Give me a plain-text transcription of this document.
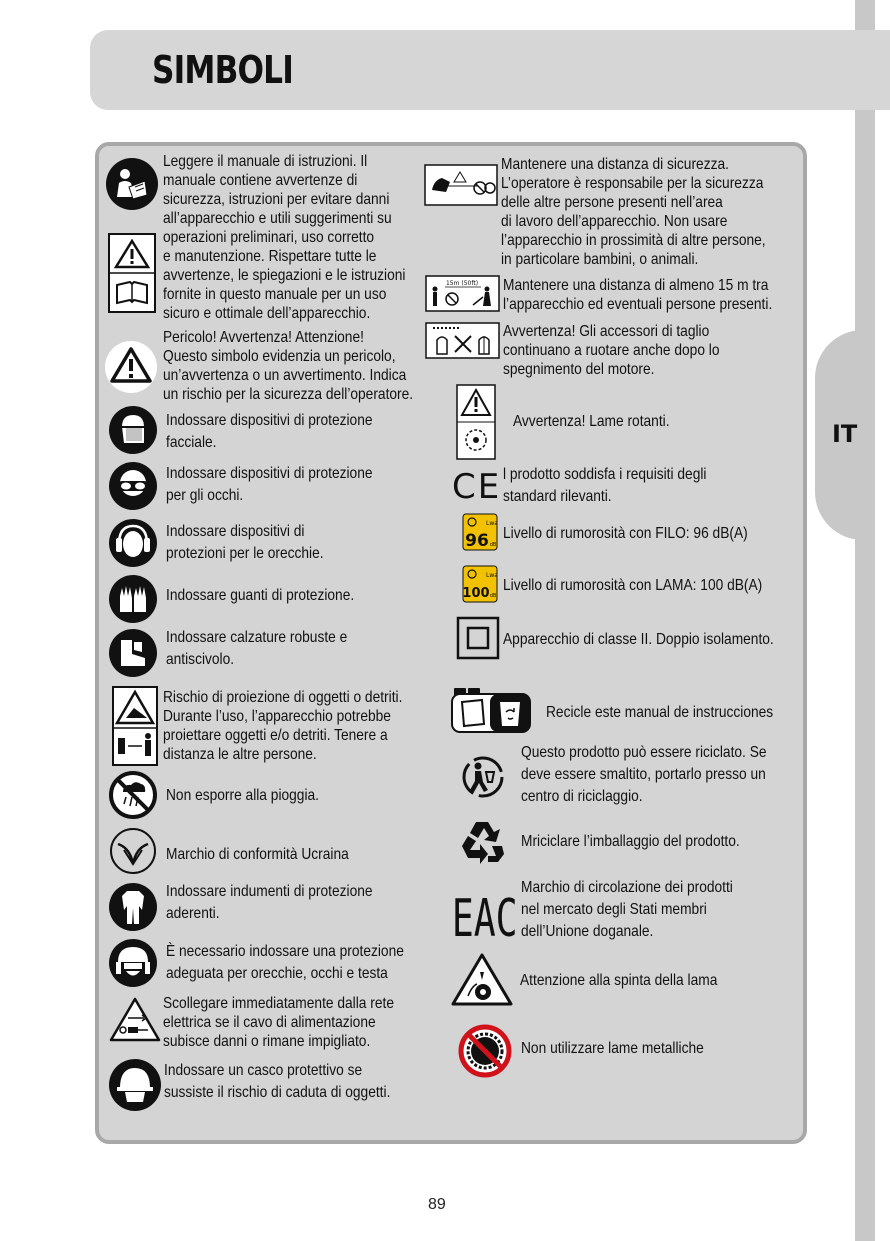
IT
SIMBOLI
Leggere il manuale di istruzioni. Il
manuale contiene avvertenze di
sicurezza, istruzioni per evitare danni
all’apparecchio e utili suggerimenti su
operazioni preliminari, uso corretto
e manutenzione. Rispettare tutte le
avvertenze, le spiegazioni e le istruzioni
fornite in questo manuale per un uso
sicuro e ottimale dell’apparecchio.
Pericolo! Avvertenza! Attenzione!
Questo simbolo evidenzia un pericolo,
un’avvertenza o un avvertimento. Indica
un rischio per la sicurezza dell’operatore.
Indossare dispositivi di protezione
facciale.
Indossare dispositivi di protezione
per gli occhi.
Indossare dispositivi di
protezioni per le orecchie.
Indossare guanti di protezione.
Indossare calzature robuste e
antiscivolo.
Rischio di proiezione di oggetti o detriti.
Durante l’uso, l’apparecchio potrebbe
proiettare oggetti e/o detriti. Tenere a
distanza le altre persone.
Non esporre alla pioggia.
Marchio di conformità Ucraina
Indossare indumenti di protezione
aderenti.
È necessario indossare una protezione
adeguata per orecchie, occhi e testa
Scollegare immediatamente dalla rete
elettrica se il cavo di alimentazione
subisce danni o rimane impigliato.
Indossare un casco protettivo se
sussiste il rischio di caduta di oggetti.
Mantenere una distanza di sicurezza.
L’operatore è responsabile per la sicurezza
delle altre persone presenti nell’area
di lavoro dell’apparecchio. Non usare
l’apparecchio in prossimità di altre persone,
in particolare bambini, o animali.
15m (50ft) Mantenere una distanza di almeno 15 m tra
l’apparecchio ed eventuali persone presenti.
Avvertenza! Gli accessori di taglio
continuano a ruotare anche dopo lo
spegnimento del motore.
Avvertenza! Lame rotanti.
CE l prodotto soddisfa i requisiti degli
standard rilevanti.
Lwa
96 dB
Livello di rumorosità con FILO: 96 dB(A)
Lwa
100 dB
Livello di rumorosità con LAMA: 100 dB(A)
Apparecchio di classe II. Doppio isolamento.
Recicle este manual de instrucciones
Questo prodotto può essere riciclato. Se
deve essere smaltito, portarlo presso un
centro di riciclaggio.
Mriciclare l’imballaggio del prodotto.
EAC Marchio di circolazione dei prodotti
nel mercato degli Stati membri
dell’Unione doganale.
Attenzione alla spinta della lama
Non utilizzare lame metalliche
89
